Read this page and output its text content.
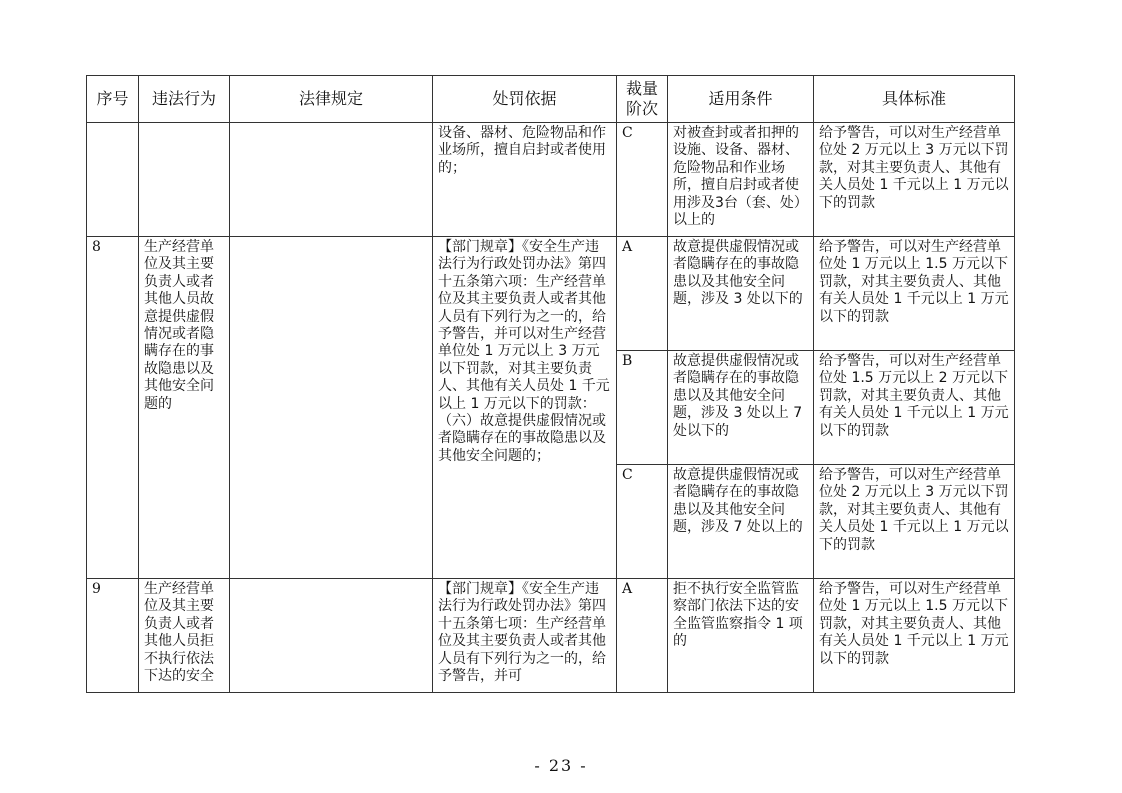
序号	违法行为	法律规定	处罚依据	裁量阶次	适用条件	具体标准
			设备、器材、危险物品和作业场所，擅自启封或者使用的；	C	对被查封或者扣押的设施、设备、器材、危险物品和作业场所，擅自启封或者使用涉及3台（套、处）以上的	给予警告，可以对生产经营单位处 2 万元以上 3 万元以下罚款，对其主要负责人、其他有关人员处 1 千元以上 1 万元以下的罚款
8	生产经营单位及其主要负责人或者其他人员故意提供虚假情况或者隐瞒存在的事故隐患以及其他安全问题的		【部门规章】《安全生产违法行为行政处罚办法》第四十五条第六项：生产经营单位及其主要负责人或者其他人员有下列行为之一的，给予警告，并可以对生产经营单位处 1 万元以上 3 万元以下罚款，对其主要负责人、其他有关人员处 1 千元以上 1 万元以下的罚款：（六）故意提供虚假情况或者隐瞒存在的事故隐患以及其他安全问题的；	A	故意提供虚假情况或者隐瞒存在的事故隐患以及其他安全问题，涉及 3 处以下的	给予警告，可以对生产经营单位处 1 万元以上 1.5 万元以下罚款，对其主要负责人、其他有关人员处 1 千元以上 1 万元以下的罚款
				B	故意提供虚假情况或者隐瞒存在的事故隐患以及其他安全问题，涉及 3 处以上 7 处以下的	给予警告，可以对生产经营单位处 1.5 万元以上 2 万元以下罚款，对其主要负责人、其他有关人员处 1 千元以上 1 万元以下的罚款
				C	故意提供虚假情况或者隐瞒存在的事故隐患以及其他安全问题，涉及 7 处以上的	给予警告，可以对生产经营单位处 2 万元以上 3 万元以下罚款，对其主要负责人、其他有关人员处 1 千元以上 1 万元以下的罚款
9	生产经营单位及其主要负责人或者其他人员拒不执行依法下达的安全		【部门规章】《安全生产违法行为行政处罚办法》第四十五条第七项：生产经营单位及其主要负责人或者其他人员有下列行为之一的，给予警告，并可	A	拒不执行安全监管监察部门依法下达的安全监管监察指令 1 项的	给予警告，可以对生产经营单位处 1 万元以上 1.5 万元以下罚款，对其主要负责人、其他有关人员处 1 千元以上 1 万元以下的罚款
- 23 -
